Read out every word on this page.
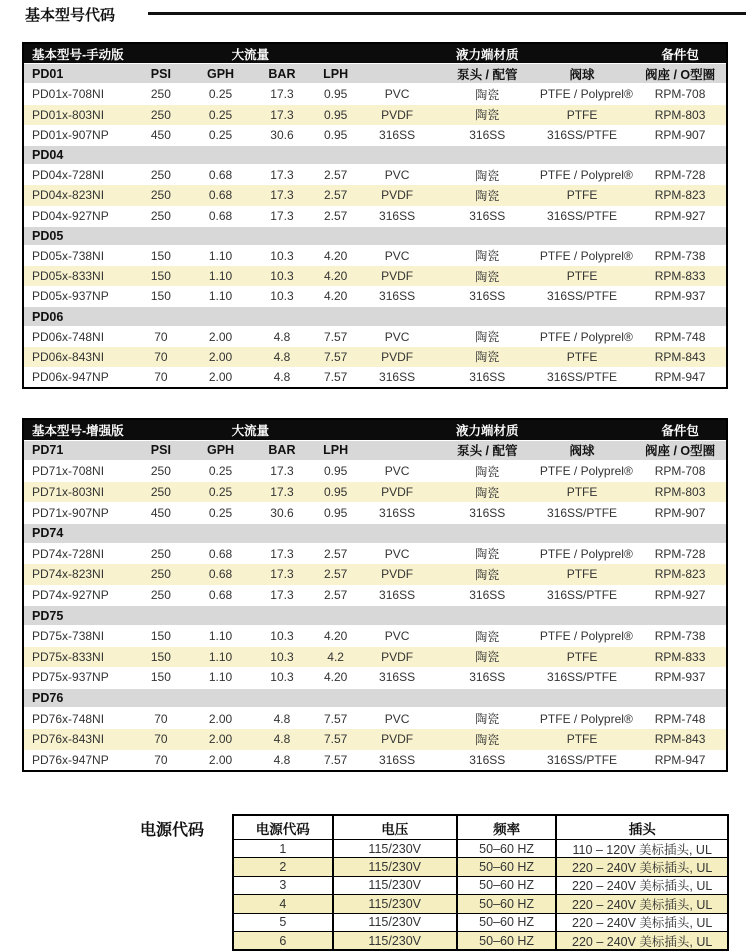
基本型号代码
基本型号-手动版	大流量	液力端材质	备件包
PD01	PSI	GPH	BAR	LPH	泵头 / 配管	阀球	阀座 / O型圈
PD01x-708NI	250	0.25	17.3	0.95	PVC	陶瓷	PTFE / Polyprel®	RPM-708
PD01x-803NI	250	0.25	17.3	0.95	PVDF	陶瓷	PTFE	RPM-803
PD01x-907NP	450	0.25	30.6	0.95	316SS	316SS	316SS/PTFE	RPM-907
PD04
PD04x-728NI	250	0.68	17.3	2.57	PVC	陶瓷	PTFE / Polyprel®	RPM-728
PD04x-823NI	250	0.68	17.3	2.57	PVDF	陶瓷	PTFE	RPM-823
PD04x-927NP	250	0.68	17.3	2.57	316SS	316SS	316SS/PTFE	RPM-927
PD05
PD05x-738NI	150	1.10	10.3	4.20	PVC	陶瓷	PTFE / Polyprel®	RPM-738
PD05x-833NI	150	1.10	10.3	4.20	PVDF	陶瓷	PTFE	RPM-833
PD05x-937NP	150	1.10	10.3	4.20	316SS	316SS	316SS/PTFE	RPM-937
PD06
PD06x-748NI	70	2.00	4.8	7.57	PVC	陶瓷	PTFE / Polyprel®	RPM-748
PD06x-843NI	70	2.00	4.8	7.57	PVDF	陶瓷	PTFE	RPM-843
PD06x-947NP	70	2.00	4.8	7.57	316SS	316SS	316SS/PTFE	RPM-947
基本型号-增强版	大流量	液力端材质	备件包
PD71	PSI	GPH	BAR	LPH	泵头 / 配管	阀球	阀座 / O型圈
PD71x-708NI	250	0.25	17.3	0.95	PVC	陶瓷	PTFE / Polyprel®	RPM-708
PD71x-803NI	250	0.25	17.3	0.95	PVDF	陶瓷	PTFE	RPM-803
PD71x-907NP	450	0.25	30.6	0.95	316SS	316SS	316SS/PTFE	RPM-907
PD74
PD74x-728NI	250	0.68	17.3	2.57	PVC	陶瓷	PTFE / Polyprel®	RPM-728
PD74x-823NI	250	0.68	17.3	2.57	PVDF	陶瓷	PTFE	RPM-823
PD74x-927NP	250	0.68	17.3	2.57	316SS	316SS	316SS/PTFE	RPM-927
PD75
PD75x-738NI	150	1.10	10.3	4.20	PVC	陶瓷	PTFE / Polyprel®	RPM-738
PD75x-833NI	150	1.10	10.3	4.2	PVDF	陶瓷	PTFE	RPM-833
PD75x-937NP	150	1.10	10.3	4.20	316SS	316SS	316SS/PTFE	RPM-937
PD76
PD76x-748NI	70	2.00	4.8	7.57	PVC	陶瓷	PTFE / Polyprel®	RPM-748
PD76x-843NI	70	2.00	4.8	7.57	PVDF	陶瓷	PTFE	RPM-843
PD76x-947NP	70	2.00	4.8	7.57	316SS	316SS	316SS/PTFE	RPM-947
电源代码	电源代码	电压	频率	插头
1	115/230V	50–60 HZ	110 – 120V 美标插头, UL
2	115/230V	50–60 HZ	220 – 240V 美标插头, UL
3	115/230V	50–60 HZ	220 – 240V 美标插头, UL
4	115/230V	50–60 HZ	220 – 240V 美标插头, UL
5	115/230V	50–60 HZ	220 – 240V 美标插头, UL
6	115/230V	50–60 HZ	220 – 240V 美标插头, UL
